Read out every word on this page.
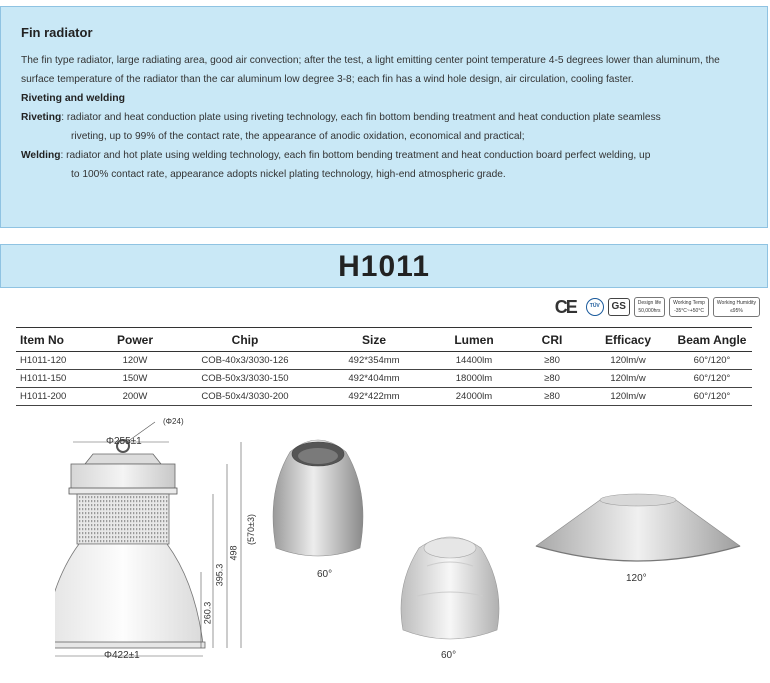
Fin radiator
The fin type radiator, large radiating area, good air convection; after the test, a light emitting center point temperature 4-5 degrees lower than aluminum, the surface temperature of the radiator than the car aluminum low degree 3-8; each fin has a wind hole design, air circulation, cooling faster.
Riveting and welding
Riveting: radiator and heat conduction plate using riveting technology, each fin bottom bending treatment and heat conduction plate seamless
riveting, up to 99% of the contact rate, the appearance of anodic oxidation, economical and practical;
Welding: radiator and hot plate using welding technology, each fin bottom bending treatment and heat conduction board perfect welding, up
to 100% contact rate, appearance adopts nickel plating technology, high-end atmospheric grade.
H1011
CE	TÜV	GS	Design life
50,000hrs
Working Temp
-35°C~+50°C
Working Humidity
≤95%
Item No	Power	Chip	Size	Lumen	CRI	Efficacy	Beam Angle
H1011-120	120W	COB-40x3/3030-126	492*354mm	14400lm	≥80	120lm/w	60°/120°
H1011-150	150W	COB-50x3/3030-150	492*404mm	18000lm	≥80	120lm/w	60°/120°
H1011-200	200W	COB-50x4/3030-200	492*422mm	24000lm	≥80	120lm/w	60°/120°
Φ255±1
(Φ24)
Φ422±1
260.3
395.3
498
(570±3)
60°
60°
120°
